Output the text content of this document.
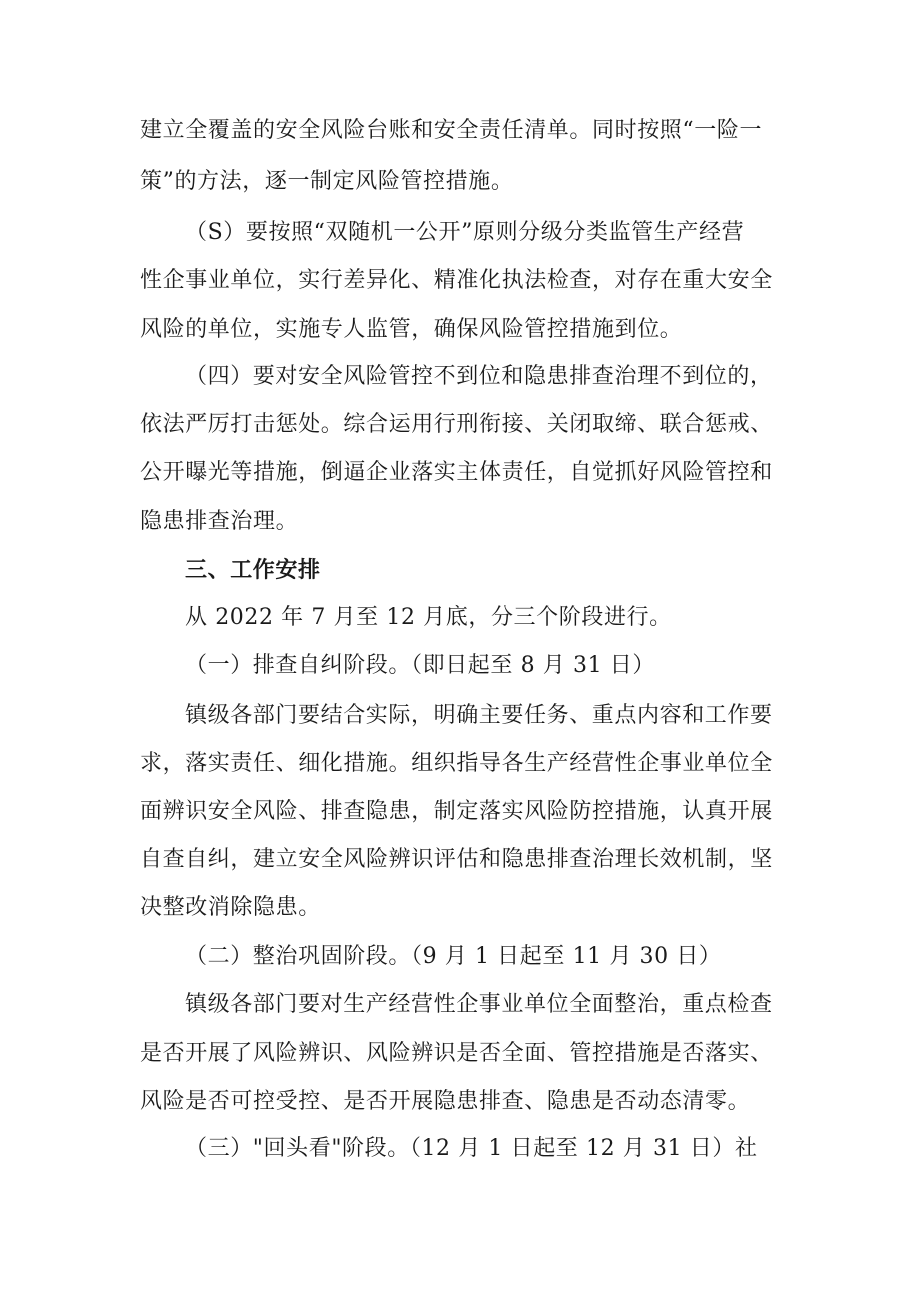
建立全覆盖的安全风险台账和安全责任清单。同时按照“一险一
策”的方法，逐一制定风险管控措施。
（S）要按照“双随机一公开”原则分级分类监管生产经营
性企事业单位，实行差异化、精准化执法检查，对存在重大安全
风险的单位，实施专人监管，确保风险管控措施到位。
（四）要对安全风险管控不到位和隐患排查治理不到位的，
依法严厉打击惩处。综合运用行刑衔接、关闭取缔、联合惩戒、
公开曝光等措施，倒逼企业落实主体责任，自觉抓好风险管控和
隐患排查治理。
三、工作安排
从 2022 年 7 月至 12 月底，分三个阶段进行。
（一）排查自纠阶段。（即日起至 8 月 31 日）
镇级各部门要结合实际，明确主要任务、重点内容和工作要
求，落实责任、细化措施。组织指导各生产经营性企事业单位全
面辨识安全风险、排查隐患，制定落实风险防控措施，认真开展
自查自纠，建立安全风险辨识评估和隐患排查治理长效机制，坚
决整改消除隐患。
（二）整治巩固阶段。（9 月 1 日起至 11 月 30 日）
镇级各部门要对生产经营性企事业单位全面整治，重点检查
是否开展了风险辨识、风险辨识是否全面、管控措施是否落实、
风险是否可控受控、是否开展隐患排查、隐患是否动态清零。
（三）"回头看"阶段。（12 月 1 日起至 12 月 31 日）社
